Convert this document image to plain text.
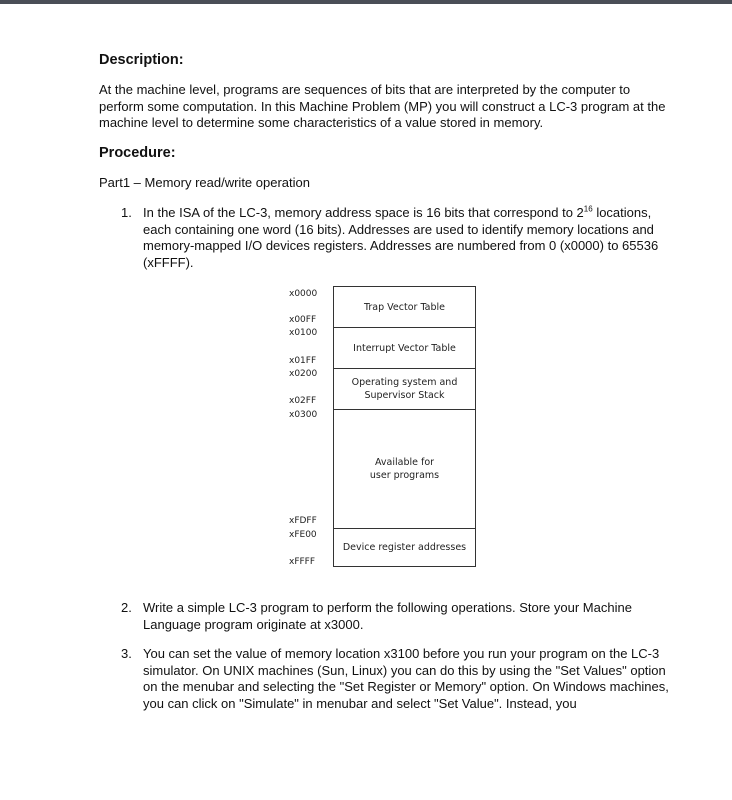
Description:
At the machine level, programs are sequences of bits that are interpreted by the computer to perform some computation. In this Machine Problem (MP) you will construct a LC-3 program at the machine level to determine some characteristics of a value stored in memory.
Procedure:
Part1 – Memory read/write operation
1. In the ISA of the LC-3, memory address space is 16 bits that correspond to $2^{16}$ locations, each containing one word (16 bits). Addresses are used to identify memory locations and memory-mapped I/O devices registers. Addresses are numbered from 0 (x0000) to 65536 (xFFFF).
x0000
x00FF
x0100
x01FF
x0200
x02FF
x0300
xFDFF
xFE00
xFFFF
Trap Vector Table
Interrupt Vector Table
Operating system and
Supervisor Stack
Available for
user programs
Device register addresses
2. Write a simple LC-3 program to perform the following operations. Store your Machine Language program originate at x3000.
3. You can set the value of memory location x3100 before you run your program on the LC-3 simulator. On UNIX machines (Sun, Linux) you can do this by using the "Set Values" option on the menubar and selecting the "Set Register or Memory" option. On Windows machines, you can click on "Simulate" in menubar and select "Set Value". Instead, you
